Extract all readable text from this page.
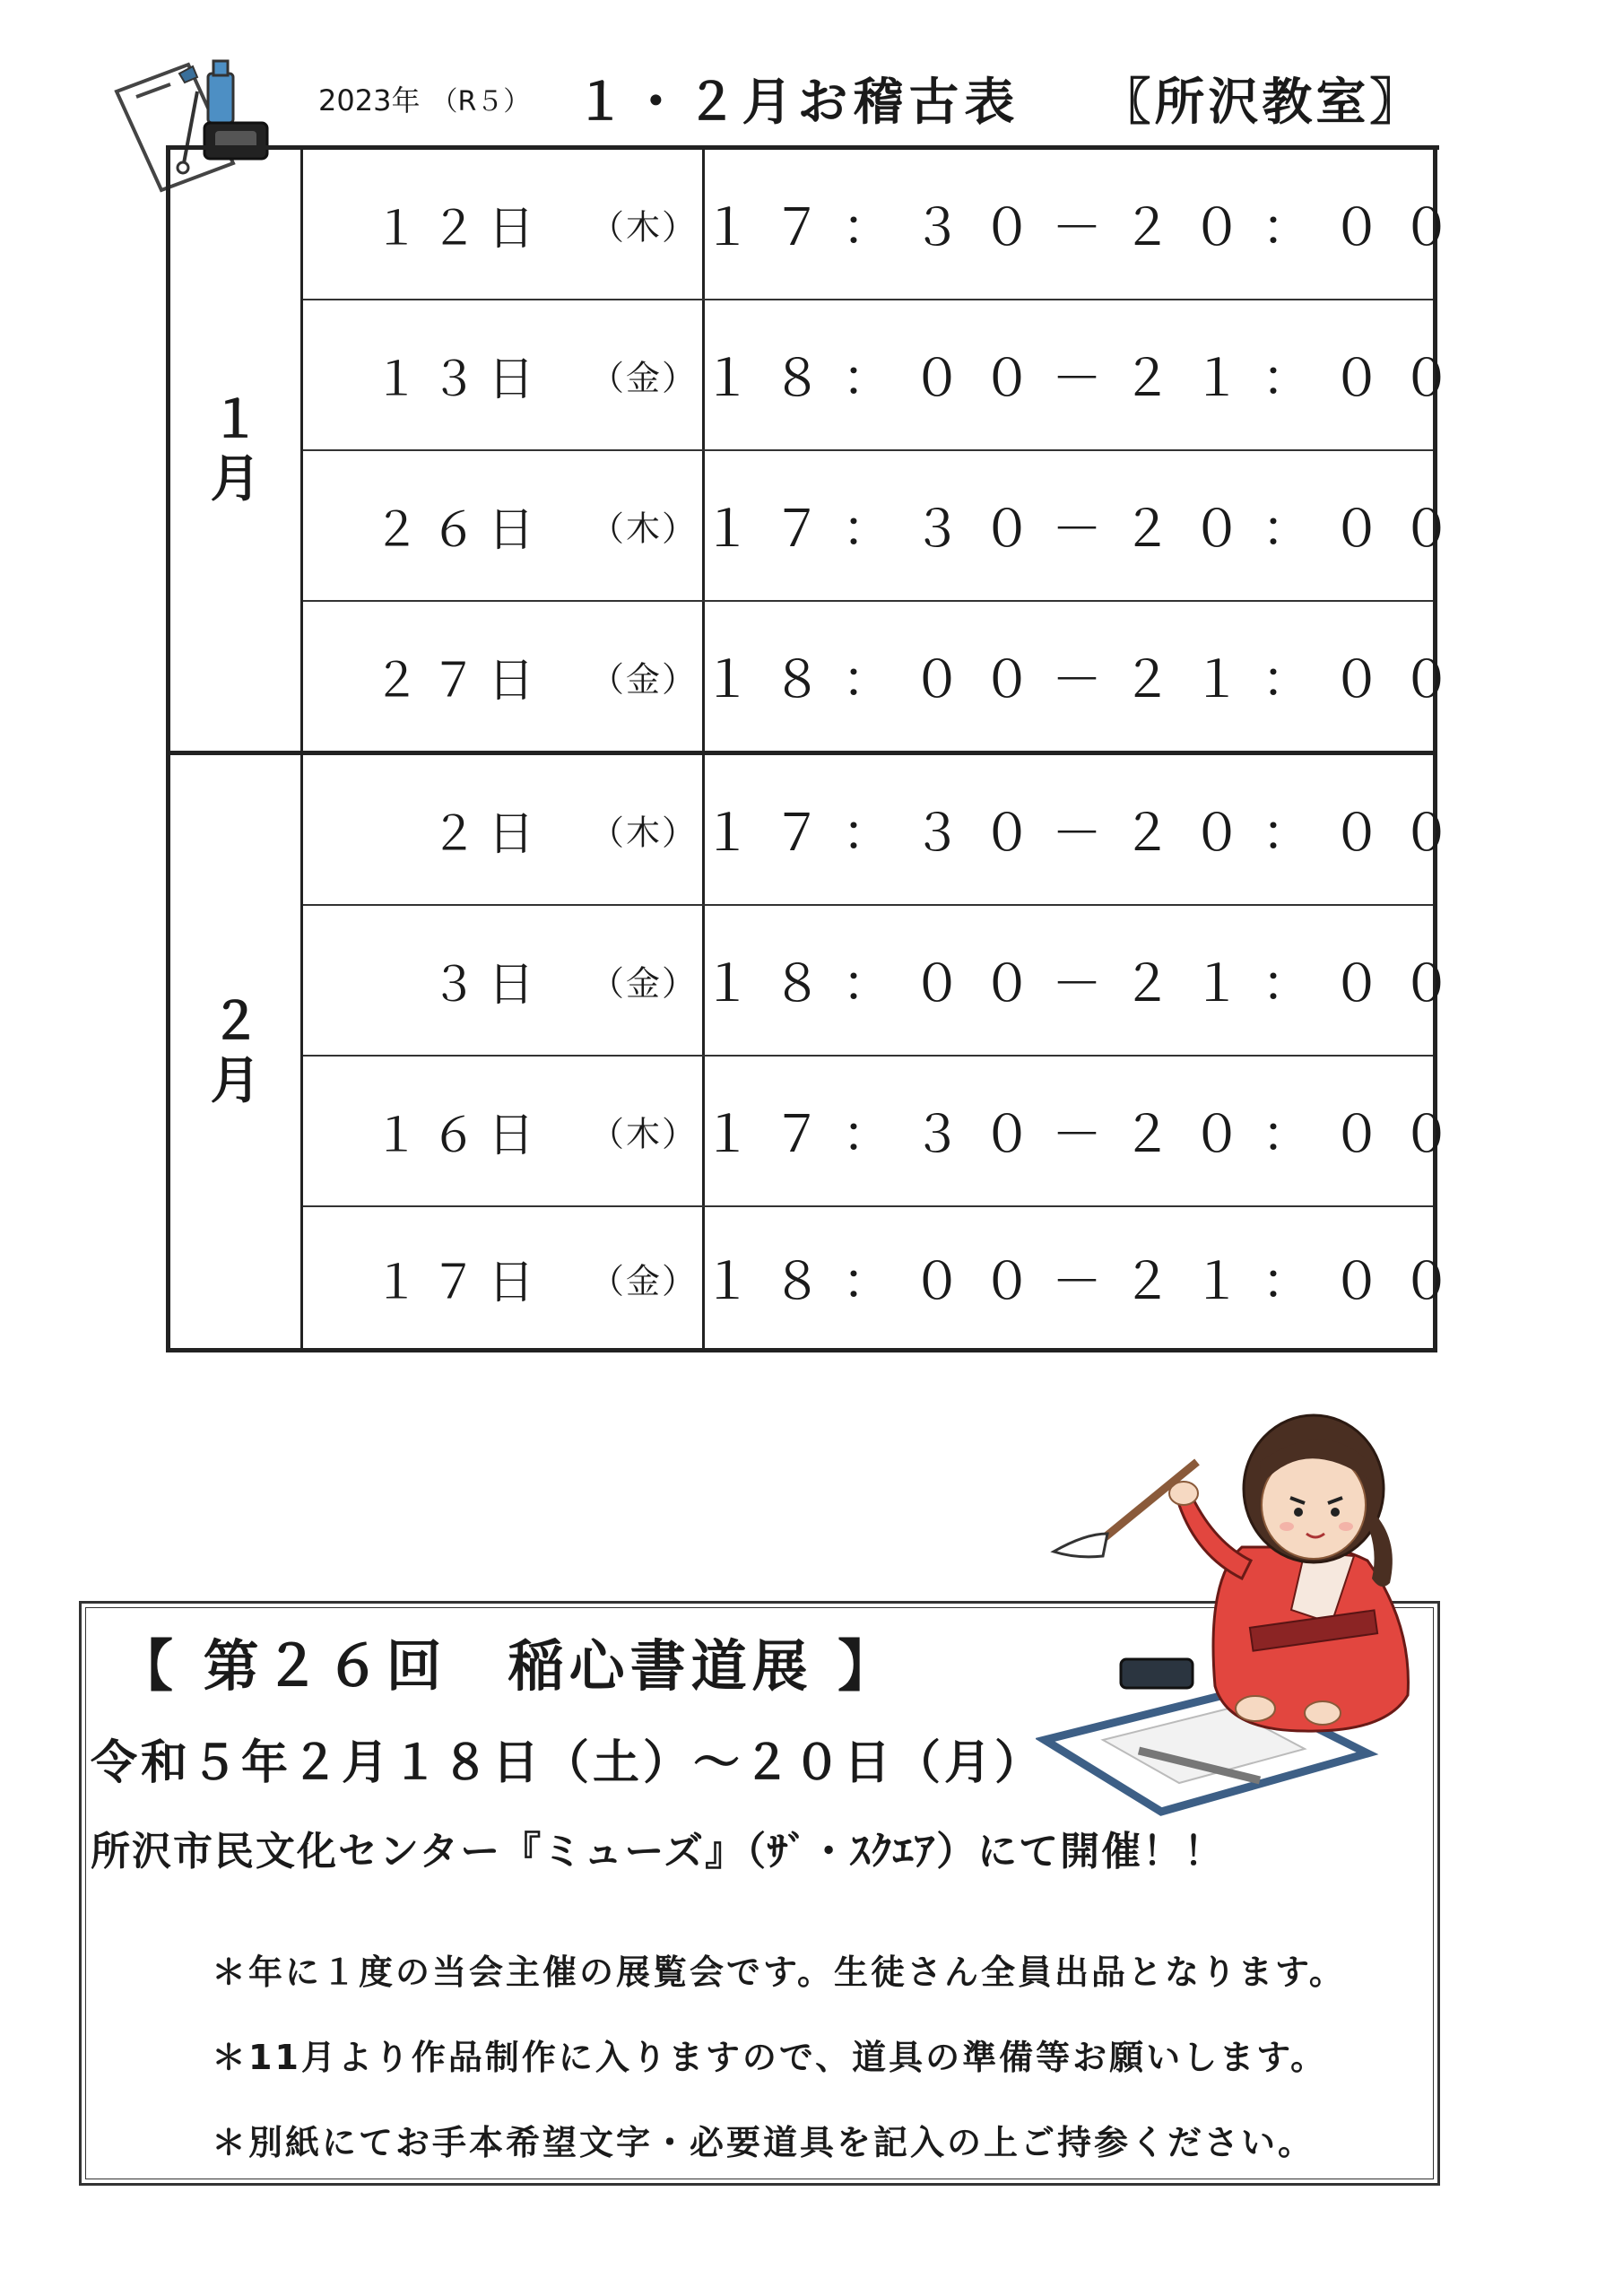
2023年 （R５） １・２月お稽古表 〖所沢教室〗
１
月
１２日 （木） １７：３０－２０：００
１３日 （金） １８：００－２１：００
２６日 （木） １７：３０－２０：００
２７日 （金） １８：００－２１：００
２
月
２日 （木） １７：３０－２０：００
３日 （金） １８：００－２１：００
１６日 （木） １７：３０－２０：００
１７日 （金） １８：００－２１：００
【 第２６回　稲心書道展 】
令和５年２月１８日（土）～２０日（月）
所沢市民文化センター『ミューズ』（ｻﾞ・ｽｸｴｱ）にて開催！！
＊年に１度の当会主催の展覧会です。生徒さん全員出品となります。
＊11月より作品制作に入りますので、道具の準備等お願いします。
＊別紙にてお手本希望文字・必要道具を記入の上ご持参ください。
